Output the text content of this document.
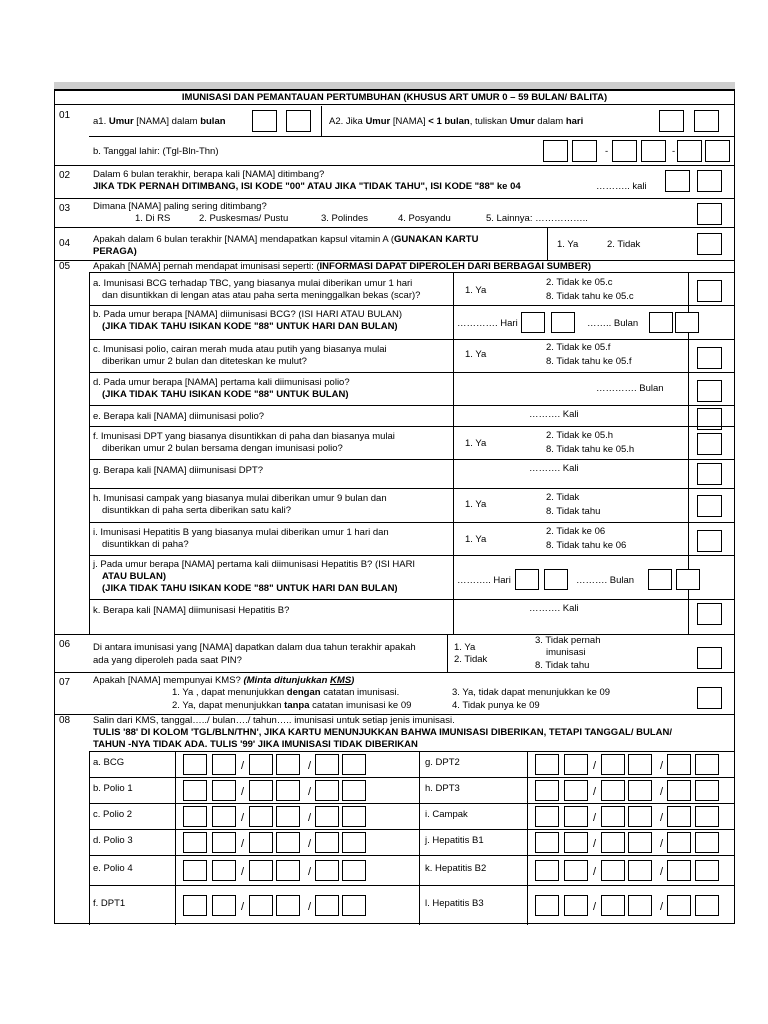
IMUNISASI DAN PEMANTAUAN PERTUMBUHAN (KHUSUS ART UMUR 0 – 59 BULAN/ BALITA)
01
a1. Umur [NAMA] dalam bulan	A2. Jika Umur [NAMA] < 1 bulan, tuliskan Umur dalam hari
b. Tanggal lahir: (Tgl-Bln-Thn)	-	-
02 Dalam 6 bulan terakhir, berapa kali [NAMA] ditimbang?
JIKA TDK PERNAH DITIMBANG, ISI KODE "00" ATAU JIKA "TIDAK TAHU", ISI KODE "88" ke 04	……….. kali
03 Dimana [NAMA] paling sering ditimbang?
1. Di RS	2. Puskesmas/ Pustu	3. Polindes	4. Posyandu	5. Lainnya: ……………..
04 Apakah dalam 6 bulan terakhir [NAMA] mendapatkan kapsul vitamin A (GUNAKAN KARTU
PERAGA)
1. Ya	2. Tidak
05 Apakah [NAMA] pernah mendapat imunisasi seperti: (INFORMASI DAPAT DIPEROLEH DARI BERBAGAI SUMBER)
a. Imunisasi BCG terhadap TBC, yang biasanya mulai diberikan umur 1 hari
dan disuntikkan di lengan atas atau paha serta meninggalkan bekas (scar)?	1. Ya
2. Tidak ke 05.c
8. Tidak tahu ke 05.c
b. Pada umur berapa [NAMA] diimunisasi BCG? (ISI HARI ATAU BULAN)
(JIKA TIDAK TAHU ISIKAN KODE "88" UNTUK HARI DAN BULAN)	…………. Hari	…….. Bulan
c. Imunisasi polio, cairan merah muda atau putih yang biasanya mulai
diberikan umur 2 bulan dan diteteskan ke mulut?
1. Ya
2. Tidak ke 05.f
8. Tidak tahu ke 05.f
d. Pada umur berapa [NAMA] pertama kali diimunisasi polio?
(JIKA TIDAK TAHU ISIKAN KODE "88" UNTUK BULAN)
…………. Bulan
e. Berapa kali [NAMA] diimunisasi polio?	………. Kali
f. Imunisasi DPT yang biasanya disuntikkan di paha dan biasanya mulai
diberikan umur 2 bulan bersama dengan imunisasi polio?	1. Ya
2. Tidak ke 05.h
8. Tidak tahu ke 05.h
g. Berapa kali [NAMA] diimunisasi DPT?	………. Kali
h. Imunisasi campak yang biasanya mulai diberikan umur 9 bulan dan
disuntikkan di paha serta diberikan satu kali?
1. Ya
2. Tidak
8. Tidak tahu
i. Imunisasi Hepatitis B yang biasanya mulai diberikan umur 1 hari dan
disuntikkan di paha?	1. Ya
2. Tidak ke 06
8. Tidak tahu ke 06
j. Pada umur berapa [NAMA] pertama kali diimunisasi Hepatitis B? (ISI HARI
ATAU BULAN)
(JIKA TIDAK TAHU ISIKAN KODE "88" UNTUK HARI DAN BULAN)
……….. Hari	………. Bulan
k. Berapa kali [NAMA] diimunisasi Hepatitis B?	………. Kali
06 Di antara imunisasi yang [NAMA] dapatkan dalam dua tahun terakhir apakah
ada yang diperoleh pada saat PIN?
1. Ya
2. Tidak
3. Tidak pernah
imunisasi
8. Tidak tahu
07 Apakah [NAMA] mempunyai KMS? (Minta ditunjukkan KMS)
1. Ya , dapat menunjukkan dengan catatan imunisasi.
2. Ya, dapat menunjukkan tanpa catatan imunisasi ke 09
3. Ya, tidak dapat menunjukkan ke 09
4. Tidak punya ke 09
08 Salin dari KMS, tanggal…../ bulan…./ tahun….. imunisasi untuk setiap jenis imunisasi.
TULIS '88' DI KOLOM 'TGL/BLN/THN', JIKA KARTU MENUNJUKKAN BAHWA IMUNISASI DIBERIKAN, TETAPI TANGGAL/ BULAN/
TAHUN -NYA TIDAK ADA. TULIS '99' JIKA IMUNISASI TIDAK DIBERIKAN
a. BCG	g. DPT2
/	/	/	/
b. Polio 1	h. DPT3
/	/	/	/
c. Polio 2	i. Campak
/	/	/	/
d. Polio 3	j. Hepatitis B1
/	/	/	/
e. Polio 4	k. Hepatitis B2
/	/	/	/
f. DPT1	l. Hepatitis B3
/	/	/	/
